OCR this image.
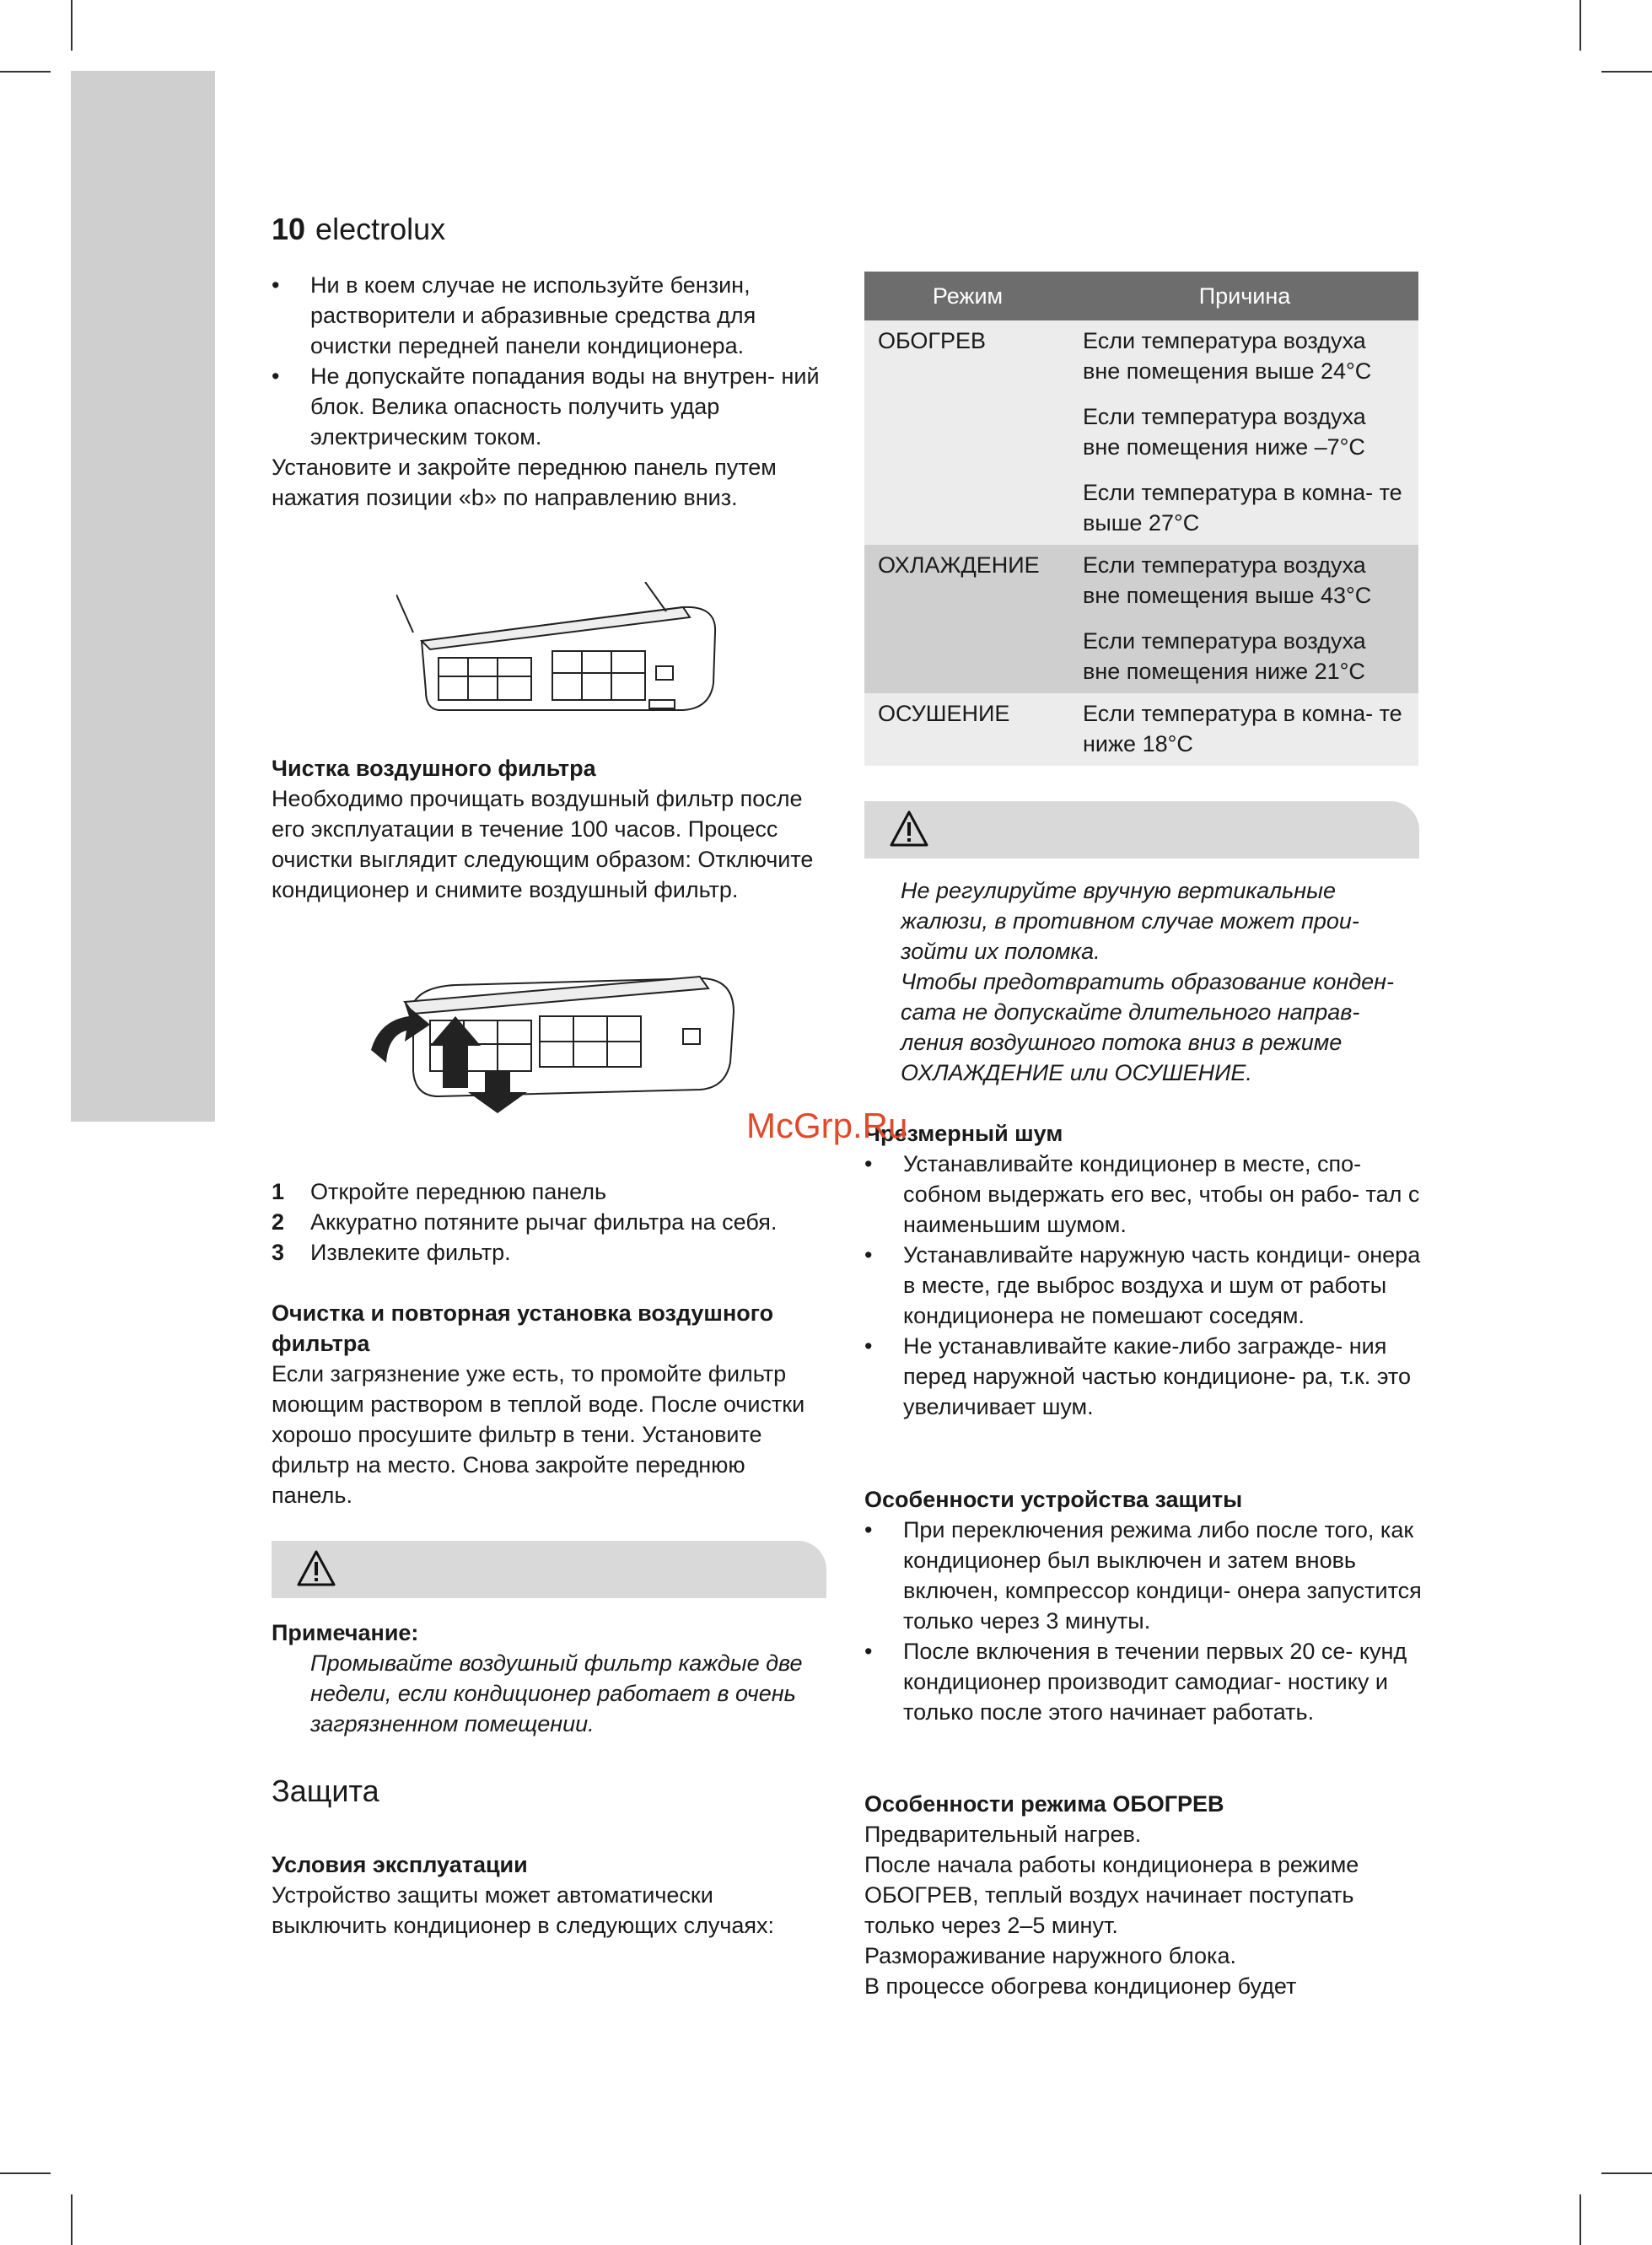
10 electrolux
• Ни в коем случае не используйте бензин, растворители и абразивные средства для очистки передней панели кондиционера.
• Не допускайте попадания воды на внутрен- ний блок. Велика опасность получить удар электрическим током.
Установите и закройте переднюю панель путем нажатия позиции «b» по направлению вниз.
Чистка воздушного фильтра
Необходимо прочищать воздушный фильтр после его эксплуатации в течение 100 часов. Процесс очистки выглядит следующим образом: Отключите кондиционер и снимите воздушный фильтр.
1 Откройте переднюю панель
2 Аккуратно потяните рычаг фильтра на себя.
3 Извлеките фильтр.
Очистка и повторная установка воздушного фильтра
Если загрязнение уже есть, то промойте фильтр моющим раствором в теплой воде. После очистки хорошо просушите фильтр в тени. Установите фильтр на место. Снова закройте переднюю панель.
Примечание:
Промывайте воздушный фильтр каждые две недели, если кондиционер работает в очень загрязненном помещении.
Защита
Условия эксплуатации
Устройство защиты может автоматически выключить кондиционер в следующих случаях:
Режим	Причина
ОБОГРЕВ	Если температура воздуха вне помещения выше 24°C
Если температура воздуха вне помещения ниже –7°C
Если температура в комна- те выше 27°C

ОХЛАЖДЕНИЕ	Если температура воздуха вне помещения выше 43°C
Если температура воздуха вне помещения ниже 21°C

ОСУШЕНИЕ	Если температура в комна- те ниже 18°C
Не регулируйте вручную вертикальные жалюзи, в противном случае может прои- зойти их поломка.
Чтобы предотвратить образование конден- сата не допускайте длительного направ- ления воздушного потока вниз в режиме ОХЛАЖДЕНИЕ или ОСУШЕНИЕ.
Чрезмерный шум
• Устанавливайте кондиционер в месте, спо- собном выдержать его вес, чтобы он рабо- тал с наименьшим шумом.
• Устанавливайте наружную часть кондици- онера в месте, где выброс воздуха и шум от работы кондиционера не помешают соседям.
• Не устанавливайте какие-либо загражде- ния перед наружной частью кондиционе- ра, т.к. это увеличивает шум.
Особенности устройства защиты
• При переключения режима либо после того, как кондиционер был выключен и затем вновь включен, компрессор кондици- онера запустится только через 3 минуты.
• После включения в течении первых 20 се- кунд кондиционер производит самодиаг- ностику и только после этого начинает работать.
Особенности режима ОБОГРЕВ
Предварительный нагрев.
После начала работы кондиционера в режиме ОБОГРЕВ, теплый воздух начинает поступать только через 2–5 минут.
Размораживание наружного блока.
В процессе обогрева кондиционер будет
McGrp.Ru
